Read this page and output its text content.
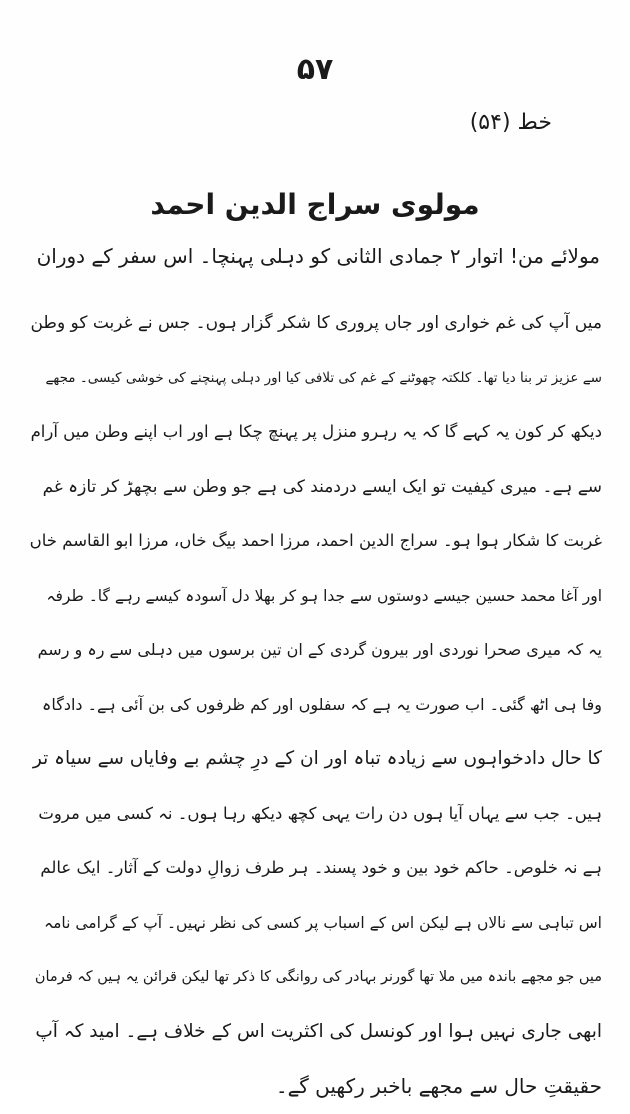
۵۷
خط (۵۴)
مولوی سراج الدین احمد
مولائے من! اتوار ۲ جمادی الثانی کو دہلی پہنچا۔ اس سفر کے دوران
میں آپ کی غم خواری اور جاں پروری کا شکر گزار ہوں۔ جس نے غربت کو وطن
سے عزیز تر بنا دیا تھا۔ کلکتہ چھوٹنے کے غم کی تلافی کیا اور دہلی پہنچنے کی خوشی کیسی۔ مجھے
دیکھ کر کون یہ کہے گا کہ یہ رہرو منزل پر پہنچ چکا ہے اور اب اپنے وطن میں آرام
سے ہے۔ میری کیفیت تو ایک ایسے دردمند کی ہے جو وطن سے بچھڑ کر تازہ غم
غربت کا شکار ہوا ہو۔ سراج الدین احمد، مرزا احمد بیگ خاں، مرزا ابو القاسم خاں
اور آغا محمد حسین جیسے دوستوں سے جدا ہو کر بھلا دل آسودہ کیسے رہے گا۔ طرفہ
یہ کہ میری صحرا نوردی اور بیرون گردی کے ان تین برسوں میں دہلی سے رہ و رسم
وفا ہی اٹھ گئی۔ اب صورت یہ ہے کہ سفلوں اور کم ظرفوں کی بن آئی ہے۔ دادگاہ
کا حال دادخواہوں سے زیادہ تباہ اور ان کے درِ چشم بے وفایاں سے سیاہ تر
ہیں۔ جب سے یہاں آیا ہوں دن رات یہی کچھ دیکھ رہا ہوں۔ نہ کسی میں مروت
ہے نہ خلوص۔ حاکم خود بین و خود پسند۔ ہر طرف زوالِ دولت کے آثار۔ ایک عالم
اس تباہی سے نالاں ہے لیکن اس کے اسباب پر کسی کی نظر نہیں۔ آپ کے گرامی نامہ
میں جو مجھے باندہ میں ملا تھا گورنر بہادر کی روانگی کا ذکر تھا لیکن قرائن یہ ہیں کہ فرمان
ابھی جاری نہیں ہوا اور کونسل کی اکثریت اس کے خلاف ہے۔ امید کہ آپ
حقیقتِ حال سے مجھے باخبر رکھیں گے۔
